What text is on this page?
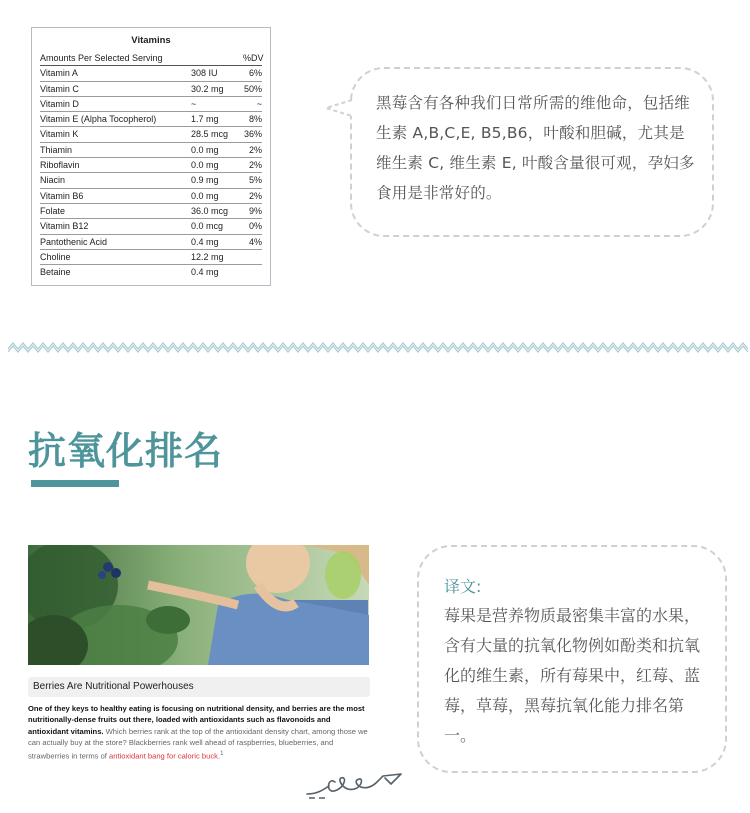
Vitamins
Amounts Per Selected Serving	%DV
Vitamin A	308 IU	6%
Vitamin C	30.2 mg	50%
Vitamin D	~	~
Vitamin E (Alpha Tocopherol)	1.7 mg	8%
Vitamin K	28.5 mcg	36%
Thiamin	0.0 mg	2%
Riboflavin	0.0 mg	2%
Niacin	0.9 mg	5%
Vitamin B6	0.0 mg	2%
Folate	36.0 mcg	9%
Vitamin B12	0.0 mcg	0%
Pantothenic Acid	0.4 mg	4%
Choline	12.2 mg
Betaine	0.4 mg
黑莓含有各种我们日常所需的维他命，包括维生素 A,B,C,E, B5,B6，叶酸和胆碱，尤其是维生素 C, 维生素 E, 叶酸含量很可观，孕妇多食用是非常好的。
抗氧化排名
Berries Are Nutritional Powerhouses
One of they keys to healthy eating is focusing on nutritional density, and berries are the most nutritionally-dense fruits out there, loaded with antioxidants such as flavonoids and antioxidant vitamins. Which berries rank at the top of the antioxidant density chart, among those we can actually buy at the store? Blackberries rank well ahead of raspberries, blueberries, and strawberries in terms of antioxidant bang for caloric buck.$^1$
译文:
莓果是营养物质最密集丰富的水果，含有大量的抗氧化物例如酚类和抗氧化的维生素，所有莓果中，红莓、蓝莓，草莓，黑莓抗氧化能力排名第一。
